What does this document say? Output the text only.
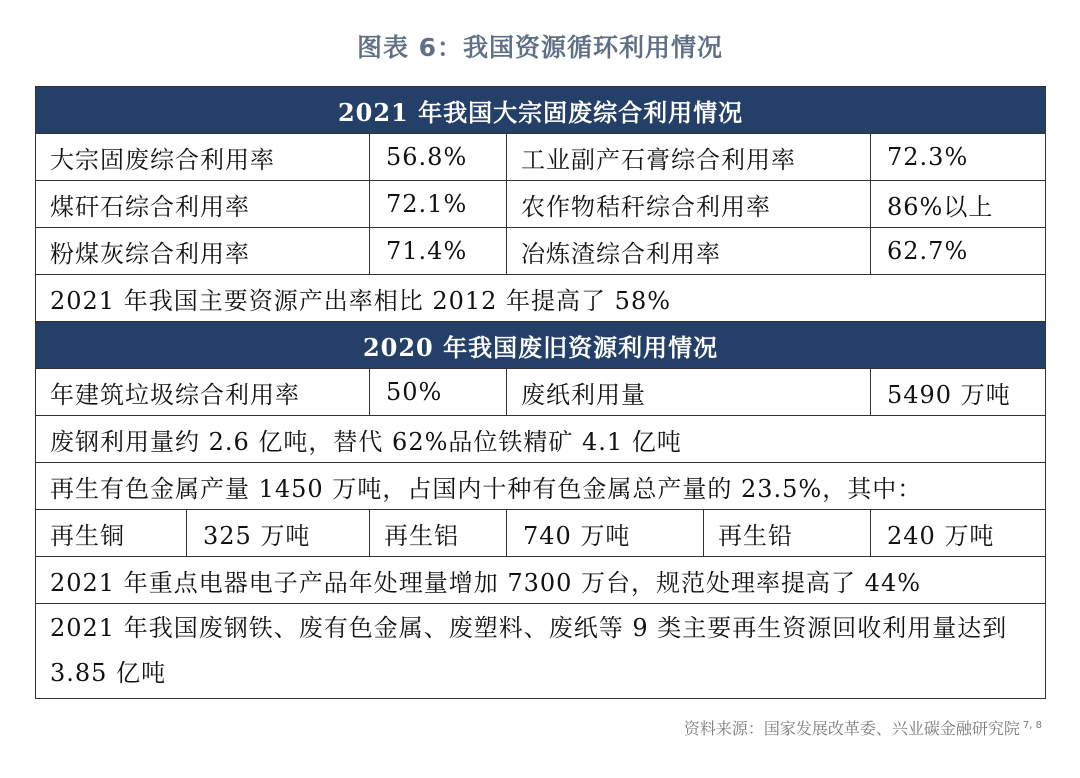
图表 6：我国资源循环利用情况
2021 年我国大宗固废综合利用情况					
大宗固废综合利用率		56.8%	工业副产石膏综合利用率		72.3%
煤矸石综合利用率		72.1%	农作物秸秆综合利用率		86%以上
粉煤灰综合利用率		71.4%	冶炼渣综合利用率		62.7%
2021 年我国主要资源产出率相比 2012 年提高了 58%					
2020 年我国废旧资源利用情况					
年建筑垃圾综合利用率		50%	废纸利用量		5490 万吨
废钢利用量约 2.6 亿吨，替代 62%品位铁精矿 4.1 亿吨					
再生有色金属产量 1450 万吨，占国内十种有色金属总产量的 23.5%，其中：					
再生铜	325 万吨	再生铝	740 万吨	再生铅	240 万吨
2021 年重点电器电子产品年处理量增加 7300 万台，规范处理率提高了 44%					
2021 年我国废钢铁、废有色金属、废塑料、废纸等 9 类主要再生资源回收利用量达到 3.85 亿吨					
资料来源：国家发展改革委、兴业碳金融研究院 $^{7, 8}$
